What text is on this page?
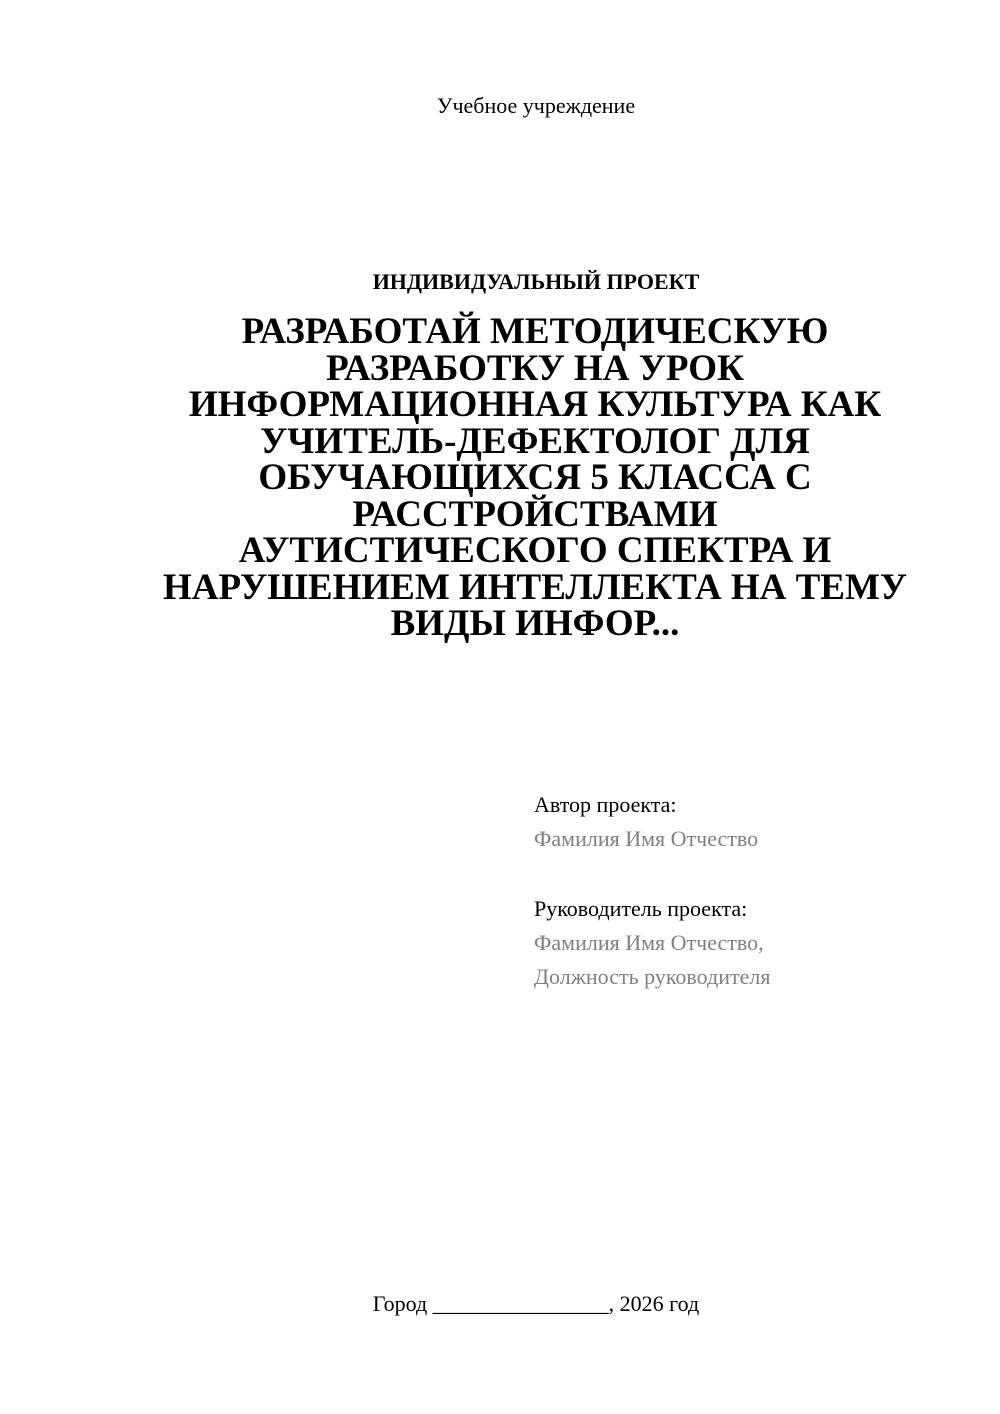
Учебное учреждение
ИНДИВИДУАЛЬНЫЙ ПРОЕКТ
РАЗРАБОТАЙ МЕТОДИЧЕСКУЮ
РАЗРАБОТКУ НА УРОК
ИНФОРМАЦИОННАЯ КУЛЬТУРА КАК
УЧИТЕЛЬ-ДЕФЕКТОЛОГ ДЛЯ
ОБУЧАЮЩИХСЯ 5 КЛАССА С
РАССТРОЙСТВАМИ
АУТИСТИЧЕСКОГО СПЕКТРА И
НАРУШЕНИЕМ ИНТЕЛЛЕКТА НА ТЕМУ
ВИДЫ ИНФОР...
Автор проекта:
Фамилия Имя Отчество
Руководитель проекта:
Фамилия Имя Отчество,
Должность руководителя
Город ________________, 2026 год
